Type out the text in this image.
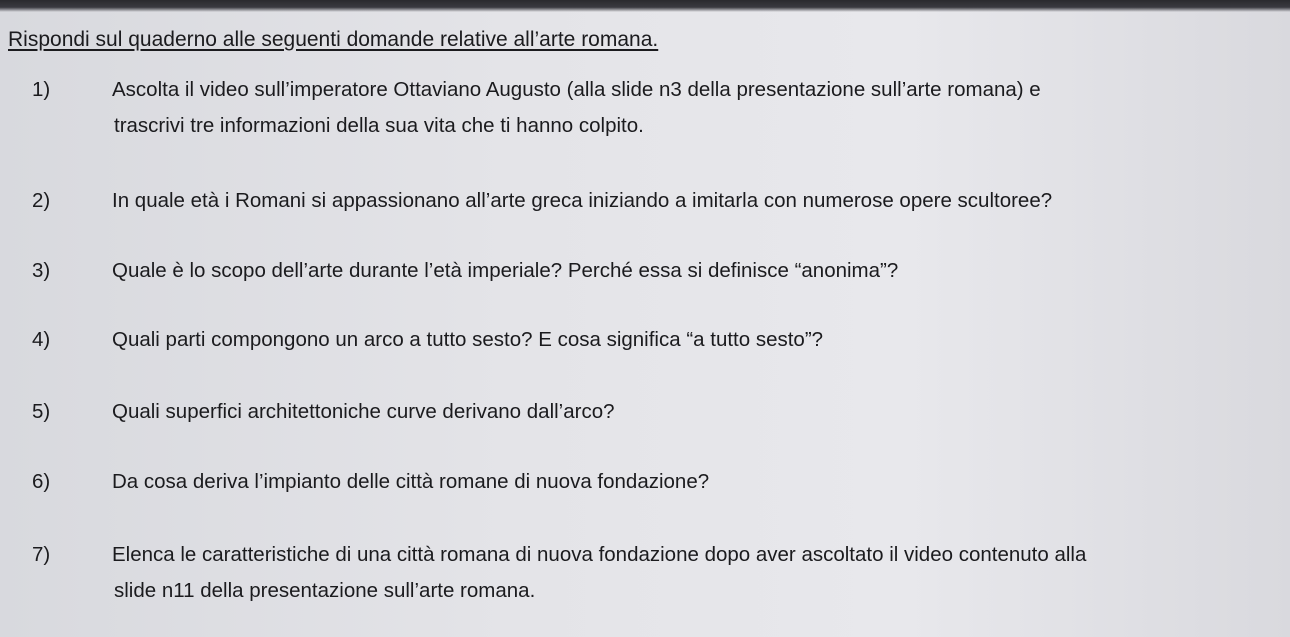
Rispondi sul quaderno alle seguenti domande relative all’arte romana.
1)	Ascolta il video sull’imperatore Ottaviano Augusto (alla slide n3 della presentazione sull’arte romana) e
trascrivi tre informazioni della sua vita che ti hanno colpito.
2)	In quale età i Romani si appassionano all’arte greca iniziando a imitarla con numerose opere scultoree?
3)	Quale è lo scopo dell’arte durante l’età imperiale? Perché essa si definisce “anonima”?
4)	Quali parti compongono un arco a tutto sesto? E cosa significa “a tutto sesto”?
5)	Quali superfici architettoniche curve derivano dall’arco?
6)	Da cosa deriva l’impianto delle città romane di nuova fondazione?
7)	Elenca le caratteristiche di una città romana di nuova fondazione dopo aver ascoltato il video contenuto alla
slide n11 della presentazione sull’arte romana.
